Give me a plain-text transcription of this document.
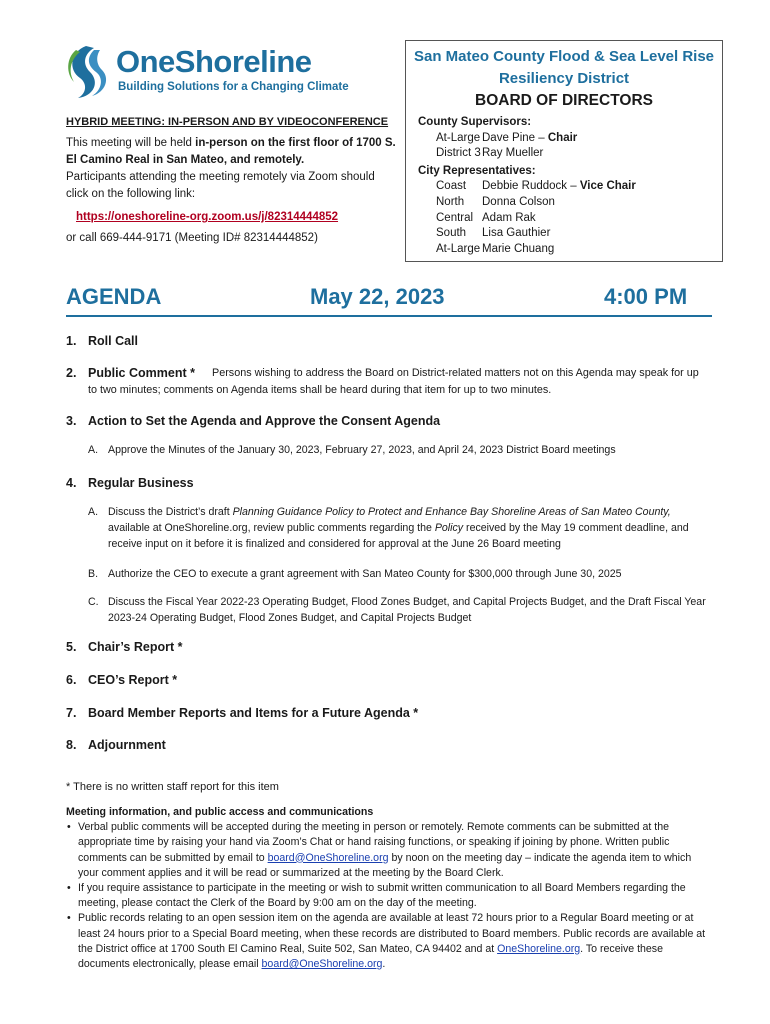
OneShoreline
Building Solutions for a Changing Climate
San Mateo County Flood & Sea Level Rise
Resiliency District
BOARD OF DIRECTORS
County Supervisors:
At-Large Dave Pine – Chair
District 3 Ray Mueller
City Representatives:
Coast	Debbie Ruddock – Vice Chair
North	Donna Colson
Central Adam Rak
South	Lisa Gauthier
At-Large Marie Chuang
HYBRID MEETING: IN-PERSON AND BY VIDEOCONFERENCE
This meeting will be held in-person on the first floor of 1700 S. El Camino Real in San Mateo, and remotely.
Participants attending the meeting remotely via Zoom should click on the following link:
https://oneshoreline-org.zoom.us/j/82314444852
or call 669-444-9171 (Meeting ID# 82314444852)
AGENDA	May 22, 2023	4:00 PM
1. Roll Call
2. Public Comment *	Persons wishing to address the Board on District-related matters not on this Agenda may speak for up to two minutes; comments on Agenda items shall be heard during that item for up to two minutes.
3. Action to Set the Agenda and Approve the Consent Agenda
A. Approve the Minutes of the January 30, 2023, February 27, 2023, and April 24, 2023 District Board meetings
4. Regular Business
A. Discuss the District’s draft Planning Guidance Policy to Protect and Enhance Bay Shoreline Areas of San Mateo County, available at OneShoreline.org, review public comments regarding the Policy received by the May 19 comment deadline, and receive input on it before it is finalized and considered for approval at the June 26 Board meeting
B. Authorize the CEO to execute a grant agreement with San Mateo County for $300,000 through June 30, 2025
C. Discuss the Fiscal Year 2022-23 Operating Budget, Flood Zones Budget, and Capital Projects Budget, and the Draft Fiscal Year 2023-24 Operating Budget, Flood Zones Budget, and Capital Projects Budget
5. Chair’s Report *
6. CEO’s Report *
7. Board Member Reports and Items for a Future Agenda *
8. Adjournment
* There is no written staff report for this item
Meeting information, and public access and communications
• Verbal public comments will be accepted during the meeting in person or remotely. Remote comments can be submitted at the appropriate time by raising your hand via Zoom’s Chat or hand raising functions, or speaking if joining by phone. Written public comments can be submitted by email to board@OneShoreline.org by noon on the meeting day – indicate the agenda item to which your comment applies and it will be read or summarized at the meeting by the Board Clerk.
• If you require assistance to participate in the meeting or wish to submit written communication to all Board Members regarding the meeting, please contact the Clerk of the Board by 9:00 am on the day of the meeting.
• Public records relating to an open session item on the agenda are available at least 72 hours prior to a Regular Board meeting or at least 24 hours prior to a Special Board meeting, when these records are distributed to Board members. Public records are available at the District office at 1700 South El Camino Real, Suite 502, San Mateo, CA 94402 and at OneShoreline.org. To receive these documents electronically, please email board@OneShoreline.org.
